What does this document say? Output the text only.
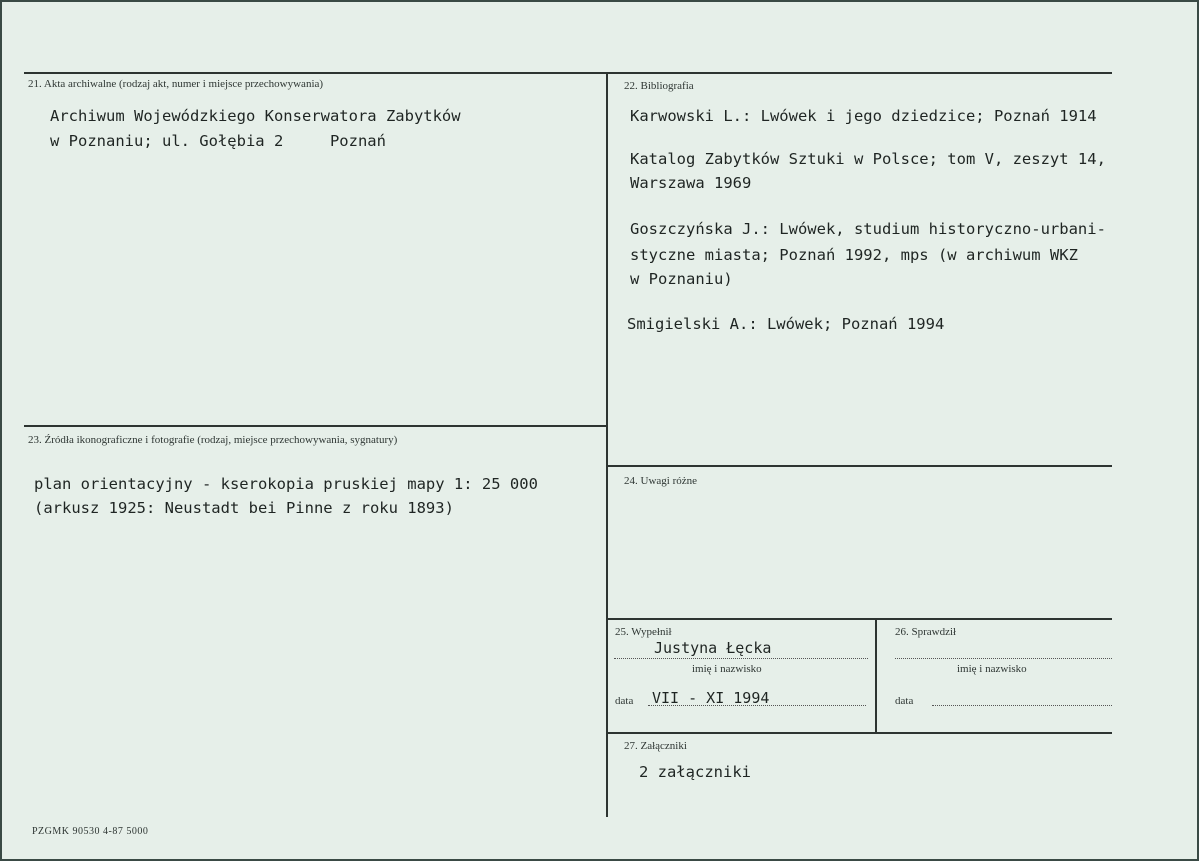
21. Akta archiwalne (rodzaj akt, numer i miejsce przechowywania)

Archiwum Wojewódzkiego Konserwatora Zabytków

w Poznaniu; ul. Gołębia 2     Poznań

22. Bibliografia

Karwowski L.: Lwówek i jego dziedzice; Poznań 1914

Katalog Zabytków Sztuki w Polsce; tom V, zeszyt 14,

Warszawa 1969

Goszczyńska J.: Lwówek, studium historyczno-urbani-

styczne miasta; Poznań 1992, mps (w archiwum WKZ

w Poznaniu)

Smigielski A.: Lwówek; Poznań 1994

23. Źródła ikonograficzne i fotografie (rodzaj, miejsce przechowywania, sygnatury)

plan orientacyjny - kserokopia pruskiej mapy 1: 25 000

(arkusz 1925: Neustadt bei Pinne z roku 1893)

24. Uwagi różne
25. Wypełnił

Justyna Łęcka

imię i nazwisko
data VII - XI 1994

26. Sprawdził
imię i nazwisko
data
27. Załączniki

2 załączniki

PZGMK 90530 4-87 5000
